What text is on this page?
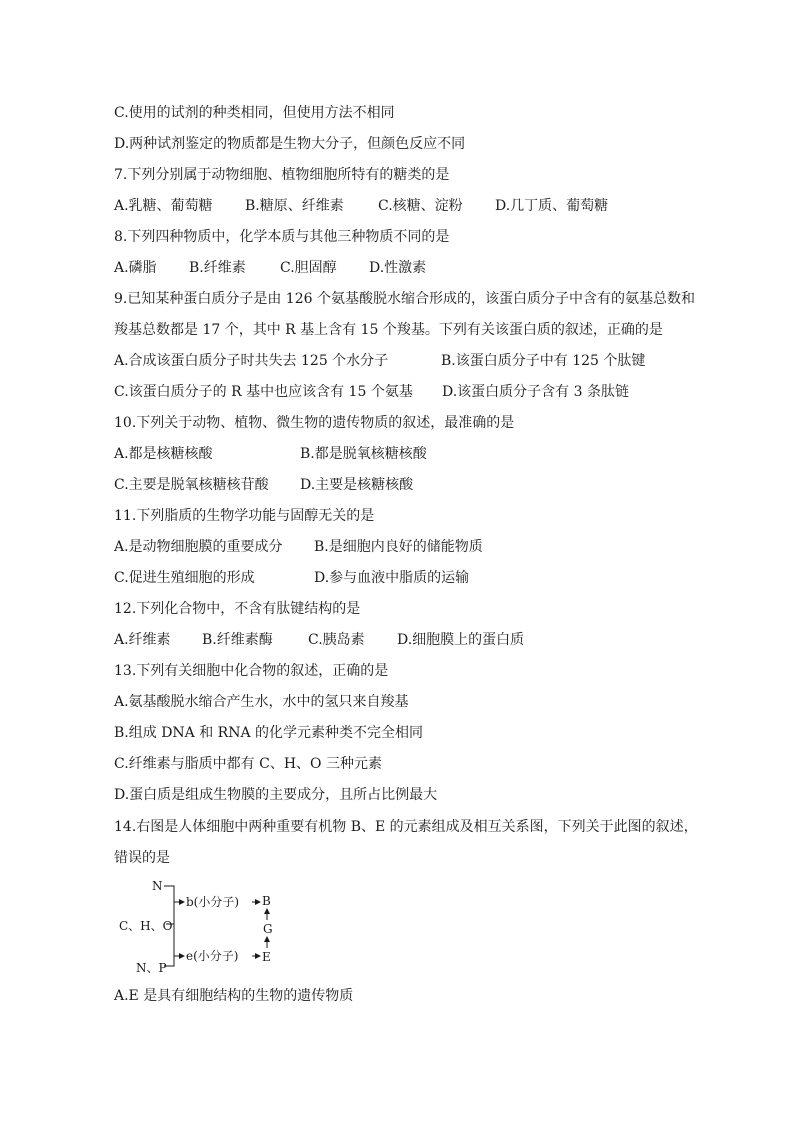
C.使用的试剂的种类相同，但使用方法不相同
D.两种试剂鉴定的物质都是生物大分子，但颜色反应不同
7.下列分别属于动物细胞、植物细胞所特有的糖类的是
A.乳糖、葡萄糖 B.糖原、纤维素 C.核糖、淀粉 D.几丁质、葡萄糖
8.下列四种物质中，化学本质与其他三种物质不同的是
A.磷脂 B.纤维素 C.胆固醇 D.性激素
9.已知某种蛋白质分子是由 126 个氨基酸脱水缩合形成的，该蛋白质分子中含有的氨基总数和
羧基总数都是 17 个，其中 R 基上含有 15 个羧基。下列有关该蛋白质的叙述，正确的是
A.合成该蛋白质分子时共失去 125 个水分子	B.该蛋白质分子中有 125 个肽键
C.该蛋白质分子的 R 基中也应该含有 15 个氨基 D.该蛋白质分子含有 3 条肽链
10.下列关于动物、植物、微生物的遗传物质的叙述，最准确的是
A.都是核糖核酸	B.都是脱氧核糖核酸
C.主要是脱氧核糖核苷酸 D.主要是核糖核酸
11.下列脂质的生物学功能与固醇无关的是
A.是动物细胞膜的重要成分 B.是细胞内良好的储能物质
C.促进生殖细胞的形成	D.参与血液中脂质的运输
12.下列化合物中，不含有肽键结构的是
A.纤维素 B.纤维素酶	C.胰岛素 D.细胞膜上的蛋白质
13.下列有关细胞中化合物的叙述，正确的是
A.氨基酸脱水缩合产生水，水中的氢只来自羧基
B.组成 DNA 和 RNA 的化学元素种类不完全相同
C.纤维素与脂质中都有 C、H、O 三种元素
D.蛋白质是组成生物膜的主要成分，且所占比例最大
14.右图是人体细胞中两种重要有机物 B、E 的元素组成及相互关系图，下列关于此图的叙述，
错误的是
N
C、H、O
N、P
b(小分子)
e(小分子)
B
G
E
A.E 是具有细胞结构的生物的遗传物质
